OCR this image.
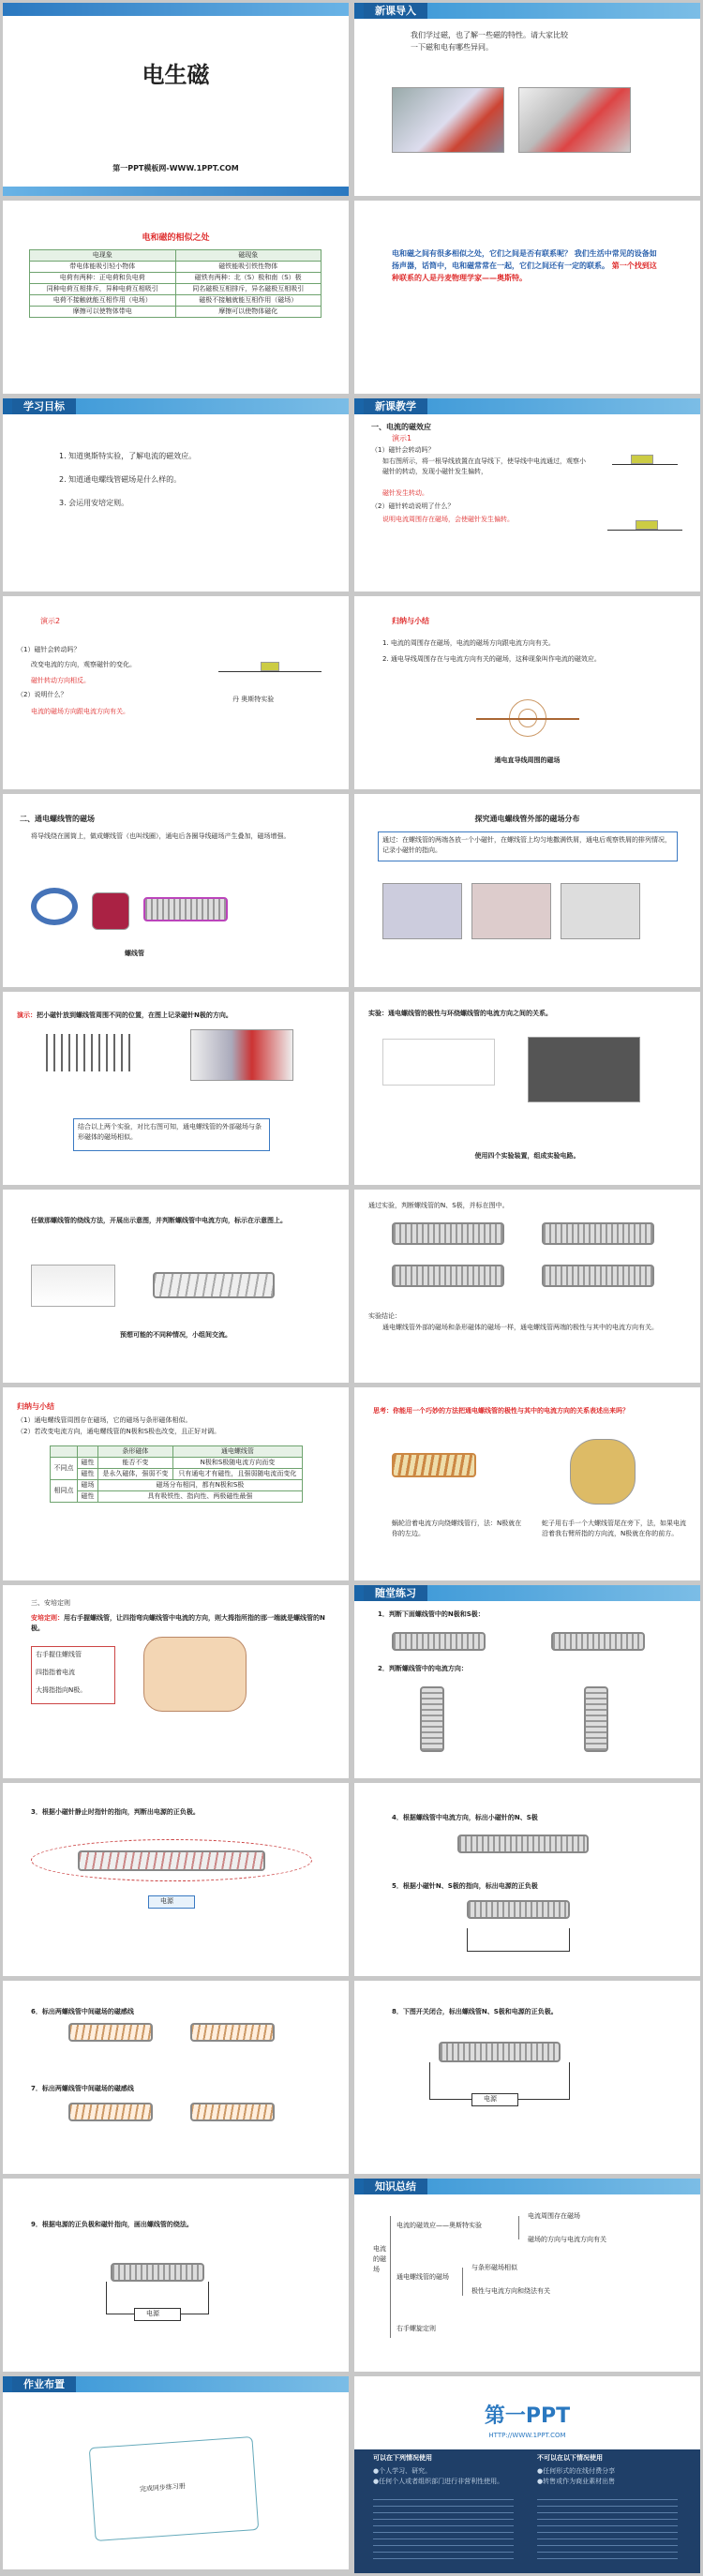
电生磁
第一PPT模板网-WWW.1PPT.COM
新课导入
我们学过磁，也了解一些磁的特性。请大家比较一下磁和电有哪些异同。
电和磁的相似之处
电现象	磁现象
带电体能吸引轻小物体	磁铁能吸引铁性物体
电荷有两种：正电荷和负电荷	磁铁有两种：北（S）极和南（S）极
同种电荷互相排斥，异种电荷互相吸引	同名磁极互相排斥，异名磁极互相吸引
电荷不接触就能互相作用（电场）	磁极不接触就能互相作用（磁场）
摩擦可以使物体带电	摩擦可以使物体磁化
电和磁之间有很多相似之处，它们之间是否有联系呢？ 我们生活中常见的设备如扬声器，话筒中，电和磁常常在一起，它们之间还有一定的联系。 第一个找到这种联系的人是丹麦物理学家——奥斯特。
学习目标
1. 知道奥斯特实验，了解电流的磁效应。
2. 知道通电螺线管磁场是什么样的。
3. 会运用安培定则。
新课教学
一、电流的磁效应
演示1
（1）磁针会转动吗？
如右图所示，将一根导线放置在直导线下，使导线中电流通过，观察小磁针的转动，发现小磁针发生偏转，
磁针发生转动。
（2）磁针转动说明了什么？
说明电流周围存在磁场，会使磁针发生偏转。
演示2
（1）磁针会转动吗？
改变电流的方向，观察磁针的变化。
磁针转动方向相反。
（2）说明什么？
电流的磁场方向跟电流方向有关。
丹 奥斯特实验
归纳与小结
1. 电流的周围存在磁场，电流的磁场方向跟电流方向有关。
2. 通电导线周围存在与电流方向有关的磁场，这种现象叫作电流的磁效应。
通电直导线周围的磁场
二、通电螺线管的磁场
将导线绕在圆筒上，做成螺线管（也叫线圈），通电后各圈导线磁场产生叠加，磁场增强。
螺线管
探究通电螺线管外部的磁场分布
通过：在螺线管的两端各放一个小磁针，在螺线管上均匀地撒满铁屑，通电后观察铁屑的排列情况，记录小磁针的指向。
演示：把小磁针放到螺线管周围不同的位置，在图上记录磁针N极的方向。
结合以上两个实验，对比右图可知，通电螺线管的外部磁场与条形磁体的磁场相似。
实验：通电螺线管的极性与环绕螺线管的电流方向之间的关系。
使用四个实验装置，组成实验电路。
任做那螺线管的绕线方法，开展出示意图，并判断螺线管中电流方向，标示在示意图上。
预想可能的不同种情况，小组间交流。
通过实验，判断螺线管的N、S极，并标在图中。
实验结论：
通电螺线管外部的磁场和条形磁体的磁场一样，通电螺线管两端的极性与其中的电流方向有关。
归纳与小结
（1）通电螺线管周围存在磁场，它的磁场与条形磁体相似。
（2）若改变电流方向，通电螺线管的N极和S极也改变，且正好对调。
		条形磁体	通电螺线管
不同点	磁性	能否不变	N极和S极随电流方向而变
	磁性	是永久磁体，强弱不变	只有通电才有磁性，且强弱随电流而变化
相同点	磁场	磁场分布相同，都有N极和S极	
	磁性	具有吸铁性、指向性、两极磁性最强	
思考：你能用一个巧妙的方法把通电螺线管的极性与其中的电流方向的关系表述出来吗？
蜗轮沿着电流方向绕螺线管行，法：N极就在你的左边。
蛇子用右手一个大螺线管尾在旁下，法，如果电流沿着我右臂所指的方向流，N极就在你的前方。
三、安培定则
安培定则：用右手握螺线管，让四指弯向螺线管中电流的方向，则大拇指所指的那一端就是螺线管的N极。
右手握住螺线管
四指指着电流
大拇指指向N极。
随堂练习
1．判断下面螺线管中的N极和S极：
2．判断螺线管中的电流方向：
3．根据小磁针静止时指针的指向，判断出电源的正负极。
电源
4．根据螺线管中电流方向，标出小磁针的N、S极
5．根据小磁针N、S极的指向，标出电源的正负极
6．标出两螺线管中间磁场的磁感线
7．标出两螺线管中间磁场的磁感线
8．下图开关闭合，标出螺线管N、S极和电源的正负极。
电源
9．根据电源的正负极和磁针指向，画出螺线管的绕法。
电源
知识总结
电流的磁场
电流的磁效应——奥斯特实验
电流周围存在磁场
磁场的方向与电流方向有关
通电螺线管的磁场
与条形磁场相似
极性与电流方向和绕法有关
右手螺旋定则
作业布置
完成同步练习册
第一PPT
HTTP://WWW.1PPT.COM
可以在下列情况使用	不可以在以下情况使用
●个人学习、研究。
●任何个人或者组织部门进行非营利性使用。
●任何形式的在线付费分享
●转售或作为商业素材出售
